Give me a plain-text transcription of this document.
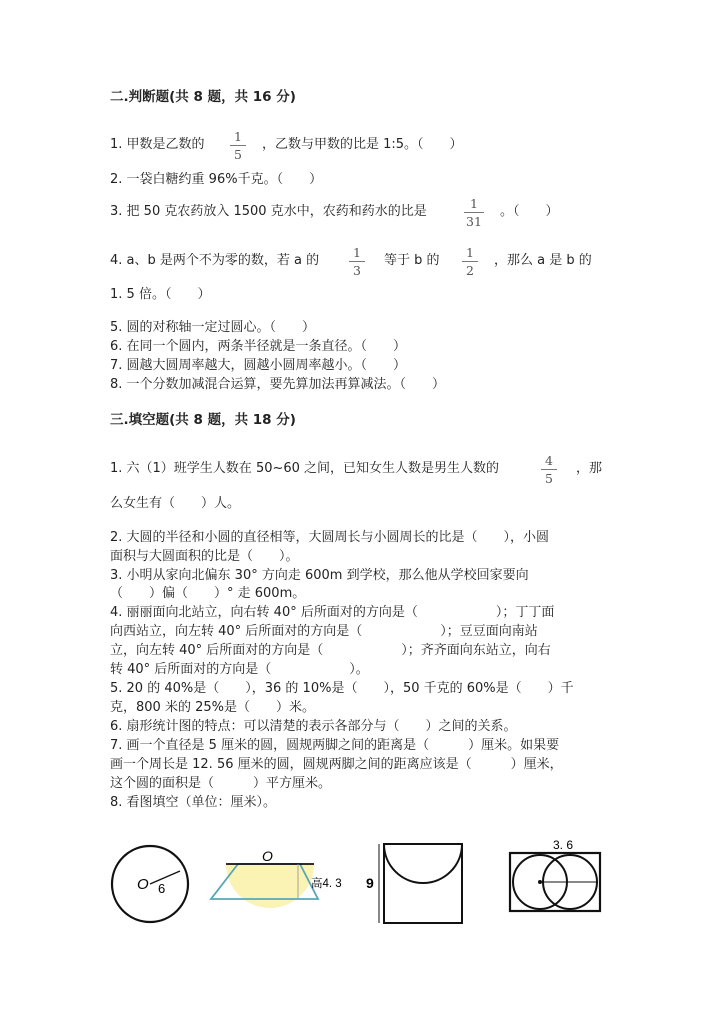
二.判断题(共 8 题，共 16 分)
1. 甲数是乙数的
1
5
，乙数与甲数的比是 1:5。（　　）
2. 一袋白糖约重 96%千克。（　　）
3. 把 50 克农药放入 1500 克水中，农药和药水的比是
1
31
。（　　）
4. a、b 是两个不为零的数，若 a 的
1
3
等于 b 的
1
2
，那么 a 是 b 的
1. 5 倍。（　　）
5. 圆的对称轴一定过圆心。（　　）
6. 在同一个圆内，两条半径就是一条直径。（　　）
7. 圆越大圆周率越大，圆越小圆周率越小。（　　）
8. 一个分数加减混合运算，要先算加法再算减法。（　　）
三.填空题(共 8 题，共 18 分)
1. 六（1）班学生人数在 50~60 之间，已知女生人数是男生人数的
4
5
，那
么女生有（　　）人。
2. 大圆的半径和小圆的直径相等，大圆周长与小圆周长的比是（　　），小圆
面积与大圆面积的比是（　　）。
3. 小明从家向北偏东 30° 方向走 600m 到学校，那么他从学校回家要向
（　　）偏（　　）° 走 600m。
4. 丽丽面向北站立，向右转 40° 后所面对的方向是（　　　　　　）；丁丁面
向西站立，向左转 40° 后所面对的方向是（　　　　　　）；豆豆面向南站
立，向左转 40° 后所面对的方向是（　　　　　　）；齐齐面向东站立，向右
转 40° 后所面对的方向是（　　　　　　）。
5. 20 的 40%是（　　），36 的 10%是（　　），50 千克的 60%是（　　）千
克，800 米的 25%是（　　）米。
6. 扇形统计图的特点：可以清楚的表示各部分与（　　）之间的关系。
7. 画一个直径是 5 厘米的圆，圆规两脚之间的距离是（　　　）厘米。如果要
画一个周长是 12. 56 厘米的圆，圆规两脚之间的距离应该是（　　　）厘米，
这个圆的面积是（　　　）平方厘米。
8. 看图填空（单位：厘米）。
O 6
O
高4. 3 9
3. 6
